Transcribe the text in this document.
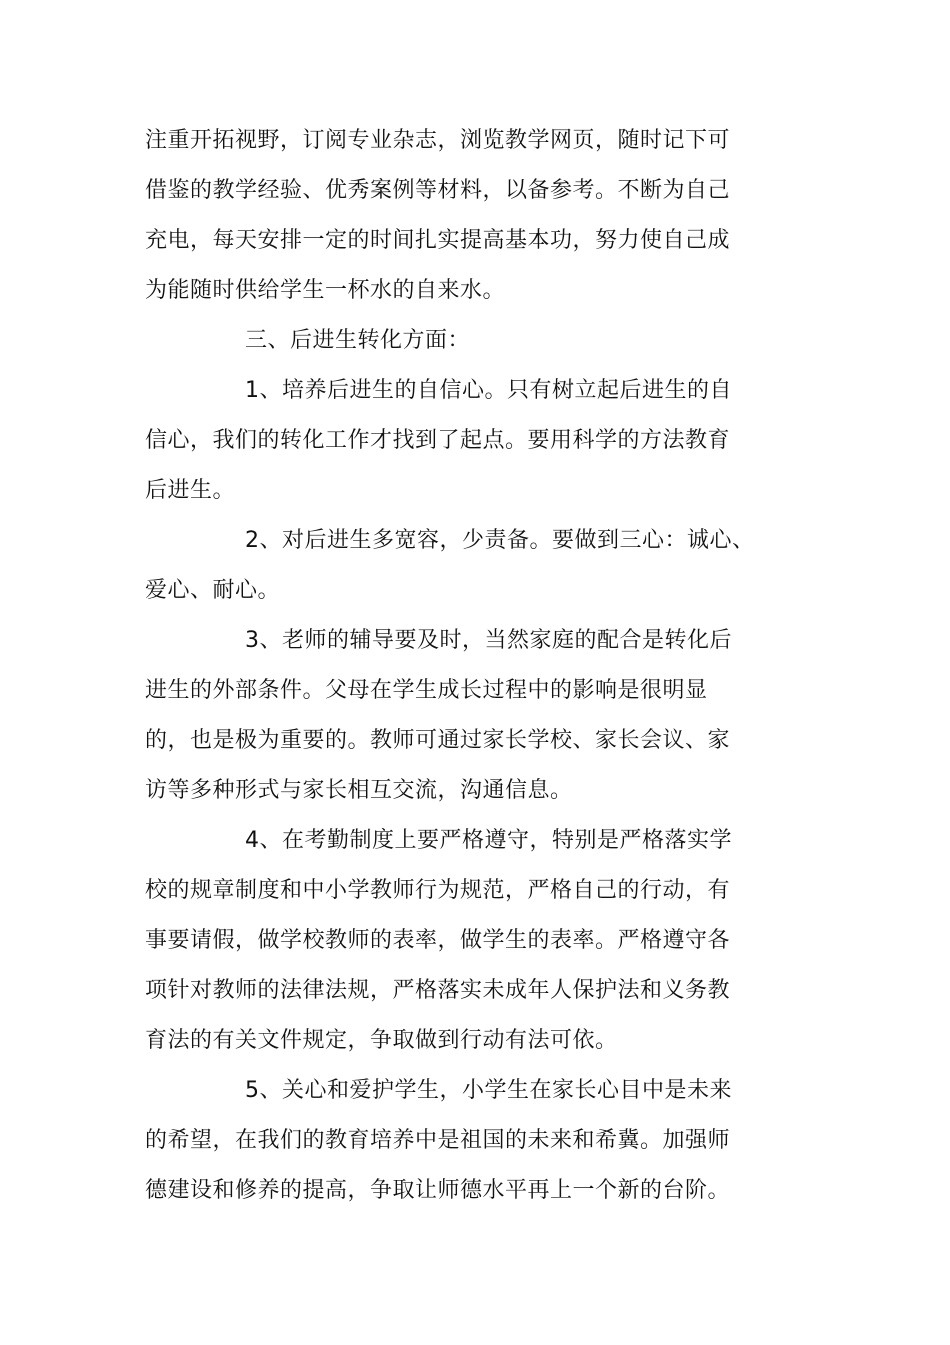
注重开拓视野，订阅专业杂志，浏览教学网页，随时记下可
借鉴的教学经验、优秀案例等材料，以备参考。不断为自己
充电，每天安排一定的时间扎实提高基本功，努力使自己成
为能随时供给学生一杯水的自来水。
三、后进生转化方面：
1、培养后进生的自信心。只有树立起后进生的自
信心，我们的转化工作才找到了起点。要用科学的方法教育
后进生。
2、对后进生多宽容，少责备。要做到三心：诚心、
爱心、耐心。
3、老师的辅导要及时，当然家庭的配合是转化后
进生的外部条件。父母在学生成长过程中的影响是很明显
的，也是极为重要的。教师可通过家长学校、家长会议、家
访等多种形式与家长相互交流，沟通信息。
4、在考勤制度上要严格遵守，特别是严格落实学
校的规章制度和中小学教师行为规范，严格自己的行动，有
事要请假，做学校教师的表率，做学生的表率。严格遵守各
项针对教师的法律法规，严格落实未成年人保护法和义务教
育法的有关文件规定，争取做到行动有法可依。
5、关心和爱护学生，小学生在家长心目中是未来
的希望，在我们的教育培养中是祖国的未来和希冀。加强师
德建设和修养的提高，争取让师德水平再上一个新的台阶。
